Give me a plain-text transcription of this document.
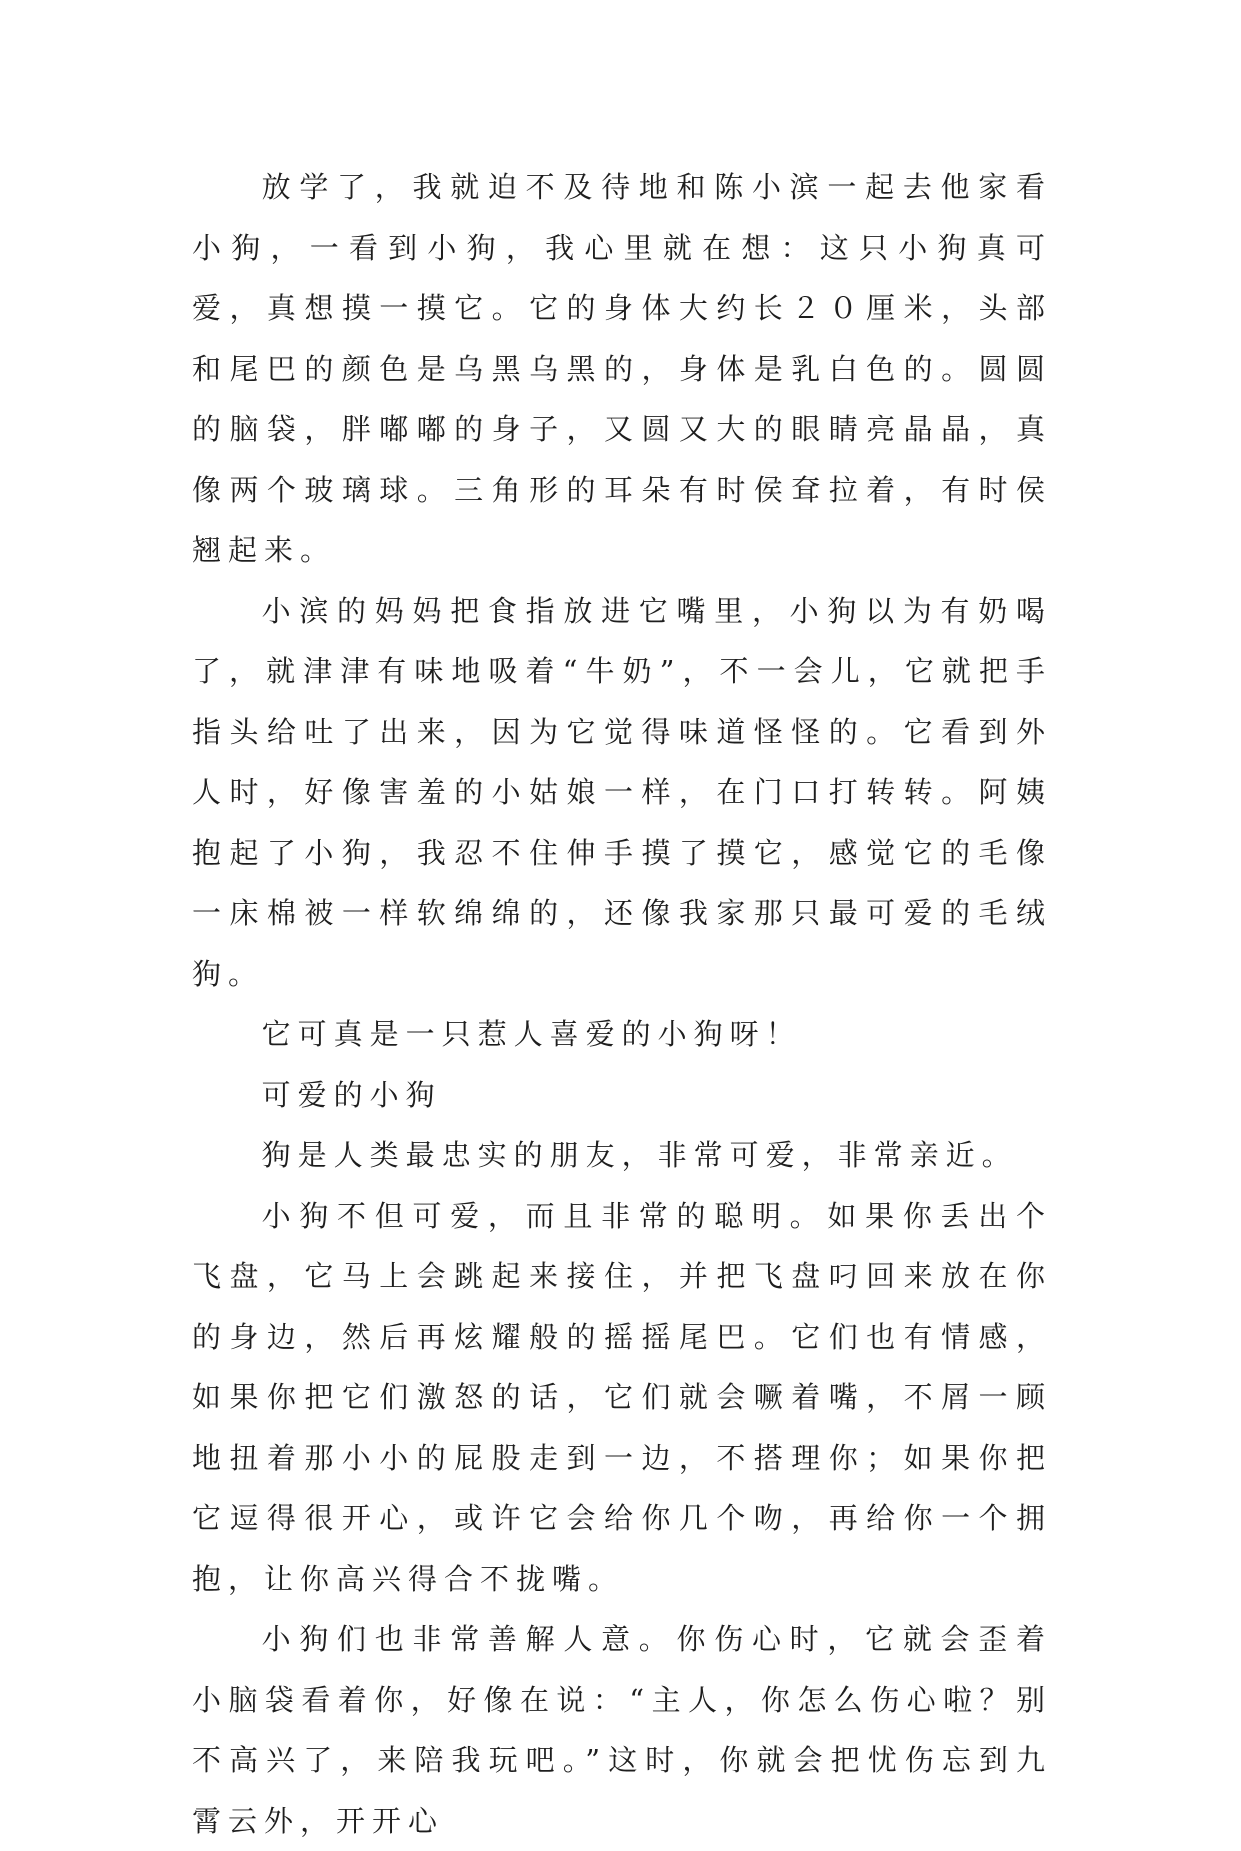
放学了，我就迫不及待地和陈小滨一起去他家看小狗，一看到小狗，我心里就在想：这只小狗真可爱，真想摸一摸它。它的身体大约长２０厘米，头部和尾巴的颜色是乌黑乌黑的，身体是乳白色的。圆圆的脑袋，胖嘟嘟的身子，又圆又大的眼睛亮晶晶，真像两个玻璃球。三角形的耳朵有时侯耷拉着，有时侯翘起来。

小滨的妈妈把食指放进它嘴里，小狗以为有奶喝了，就津津有味地吸着“牛奶”，不一会儿，它就把手指头给吐了出来，因为它觉得味道怪怪的。它看到外人时，好像害羞的小姑娘一样，在门口打转转。阿姨抱起了小狗，我忍不住伸手摸了摸它，感觉它的毛像一床棉被一样软绵绵的，还像我家那只最可爱的毛绒狗。

它可真是一只惹人喜爱的小狗呀！

可爱的小狗

狗是人类最忠实的朋友，非常可爱，非常亲近。

小狗不但可爱，而且非常的聪明。如果你丢出个飞盘，它马上会跳起来接住，并把飞盘叼回来放在你的身边，然后再炫耀般的摇摇尾巴。它们也有情感，如果你把它们激怒的话，它们就会噘着嘴，不屑一顾地扭着那小小的屁股走到一边，不搭理你；如果你把它逗得很开心，或许它会给你几个吻，再给你一个拥抱，让你高兴得合不拢嘴。

小狗们也非常善解人意。你伤心时，它就会歪着小脑袋看着你，好像在说：“主人，你怎么伤心啦？别不高兴了，来陪我玩吧。”这时，你就会把忧伤忘到九霄云外，开开心
